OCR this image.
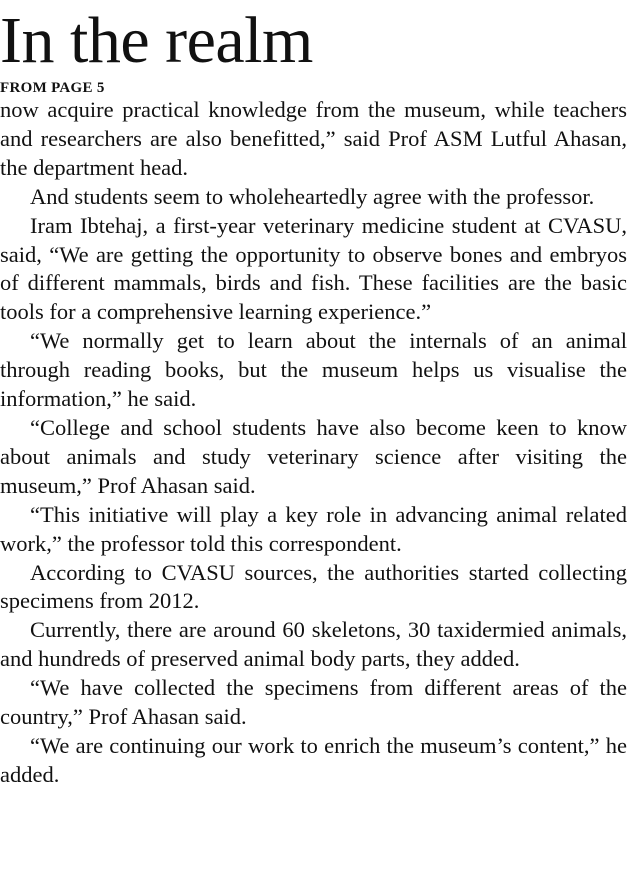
In the realm

FROM PAGE 5

now acquire practical knowledge from the museum, while teachers and researchers are also benefitted,” said Prof ASM Lutful Ahasan, the department head.

And students seem to wholeheartedly agree with the professor.

Iram Ibtehaj, a first-year veterinary medicine student at CVASU, said, “We are getting the opportunity to observe bones and embryos of different mammals, birds and fish. These facilities are the basic tools for a comprehensive learning experience.”

“We normally get to learn about the internals of an animal through reading books, but the museum helps us visualise the information,” he said.

“College and school students have also become keen to know about animals and study veterinary science after visiting the museum,” Prof Ahasan said.

“This initiative will play a key role in advancing animal related work,” the professor told this correspondent.

According to CVASU sources, the authorities started collecting specimens from 2012.

Currently, there are around 60 skeletons, 30 taxidermied animals, and hundreds of preserved animal body parts, they added.

“We have collected the specimens from different areas of the country,” Prof Ahasan said.

“We are continuing our work to enrich the museum’s content,” he added.
